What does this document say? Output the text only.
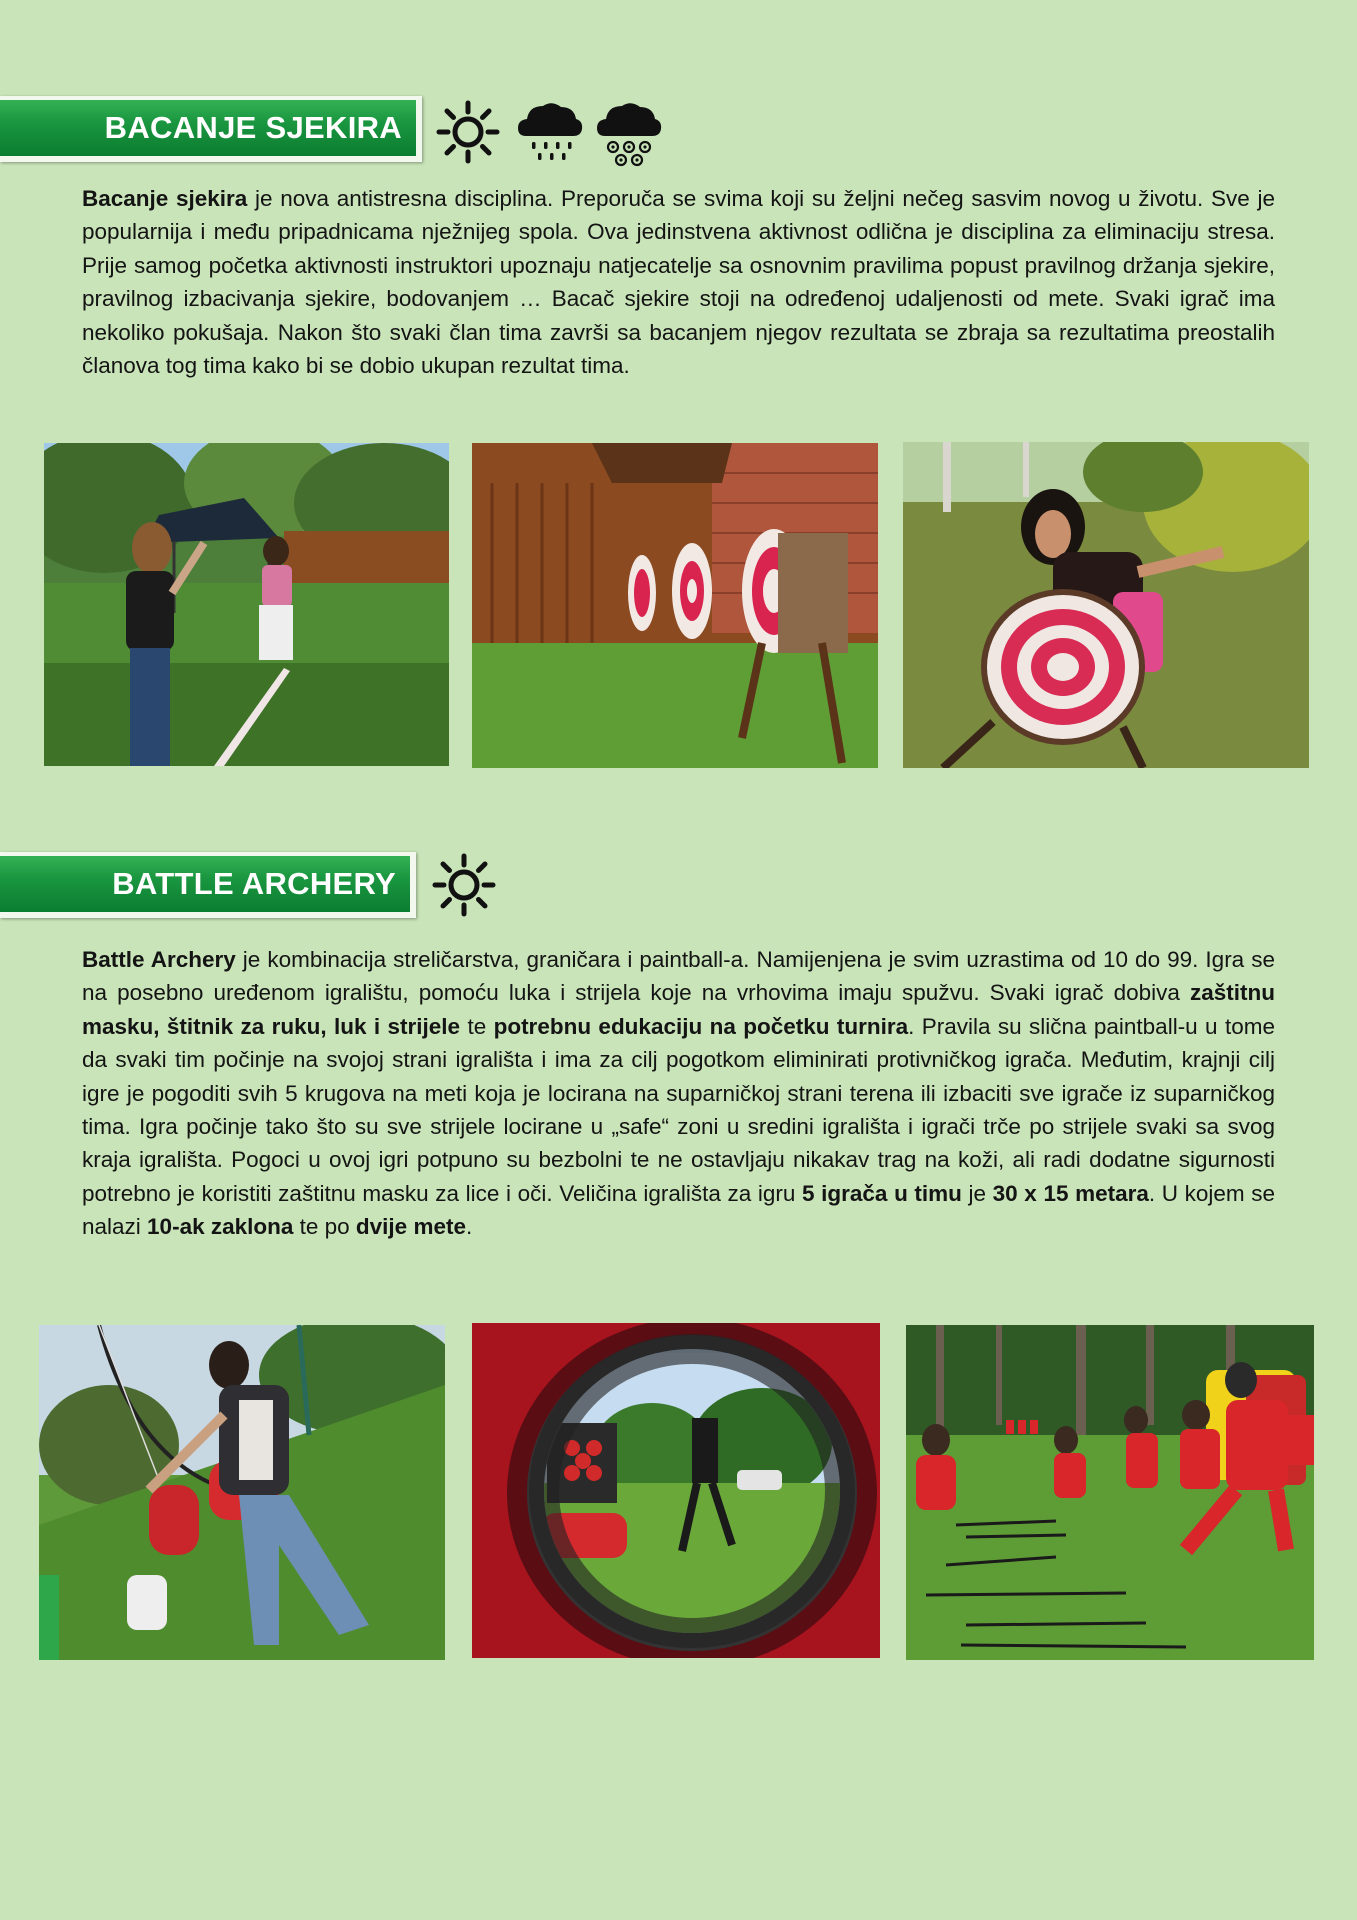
BACANJE SJEKIRA

Bacanje sjekira je nova antistresna disciplina. Preporuča se svima koji su željni nečeg sasvim novog u životu. Sve je popularnija i među pripadnicama nježnijeg spola. Ova jedinstvena aktivnost odlična je disciplina za eliminaciju stresa. Prije samog početka aktivnosti instruktori upoznaju natjecatelje sa osnovnim pravilima popust pravilnog držanja sjekire, pravilnog izbacivanja sjekire, bodovanjem … Bacač sjekire stoji na određenoj udaljenosti od mete. Svaki igrač ima nekoliko pokušaja. Nakon što svaki član tima završi sa bacanjem njegov rezultata se zbraja sa rezultatima preostalih članova tog tima kako bi se dobio ukupan rezultat tima.

BATTLE ARCHERY

Battle Archery je kombinacija streličarstva, graničara i paintball-a. Namijenjena je svim uzrastima od 10 do 99. Igra se na posebno uređenom igralištu, pomoću luka i strijela koje na vrhovima imaju spužvu. Svaki igrač dobiva zaštitnu masku, štitnik za ruku, luk i strijele te potrebnu edukaciju na početku turnira. Pravila su slična paintball-u u tome da svaki tim počinje na svojoj strani igrališta i ima za cilj pogotkom eliminirati protivničkog igrača. Međutim, krajnji cilj igre je pogoditi svih 5 krugova na meti koja je locirana na suparničkoj strani terena ili izbaciti sve igrače iz suparničkog tima. Igra počinje tako što su sve strijele locirane u „safe“ zoni u sredini igrališta i igrači trče po strijele svaki sa svog kraja igrališta. Pogoci u ovoj igri potpuno su bezbolni te ne ostavljaju nikakav trag na koži, ali radi dodatne sigurnosti potrebno je koristiti zaštitnu masku za lice i oči. Veličina igrališta za igru 5 igrača u timu je 30 x 15 metara. U kojem se nalazi 10-ak zaklona te po dvije mete.
